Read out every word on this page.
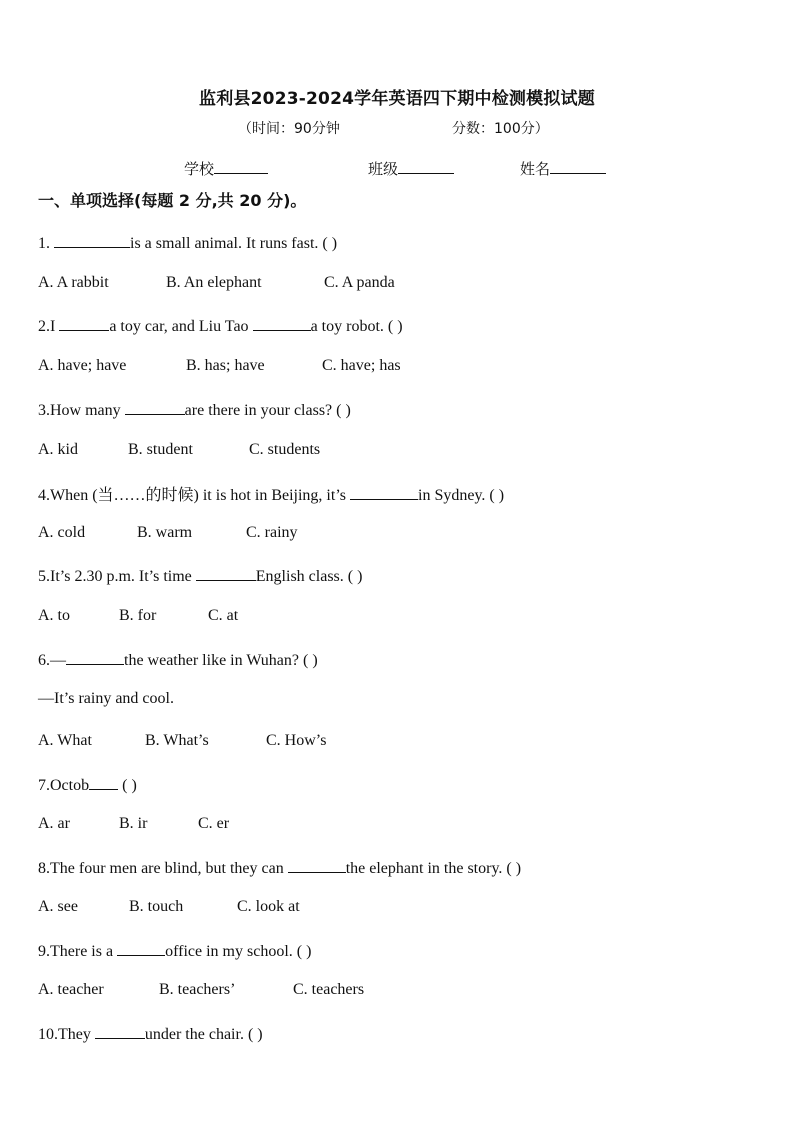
监利县2023-2024学年英语四下期中检测模拟试题
（时间：90分钟	分数：100分）
学校	班级	姓名
一、单项选择(每题 2 分,共 20 分)。
1.	is a small animal. It runs fast. ( )
A. A rabbit	B. An elephant	C. A panda
2.I	a toy car, and Liu Tao	a toy robot. ( )
A. have; have	B. has; have	C. have; has
3.How many	are there in your class? ( )
A. kid	B. student	C. students
4.When (当……的时候) it is hot in Beijing, it’s	in Sydney. ( )
A. cold	B. warm	C. rainy
5.It’s 2.30 p.m. It’s time	English class. ( )
A. to	B. for	C. at
6.—	the weather like in Wuhan? ( )
—It’s rainy and cool.
A. What	B. What’s	C. How’s
7.Octob ( )
A. ar	B. ir	C. er
8.The four men are blind, but they can	the elephant in the story. ( )
A. see	B. touch	C. look at
9.There is a	office in my school. ( )
A. teacher	B. teachers’	C. teachers
10.They	under the chair. ( )
